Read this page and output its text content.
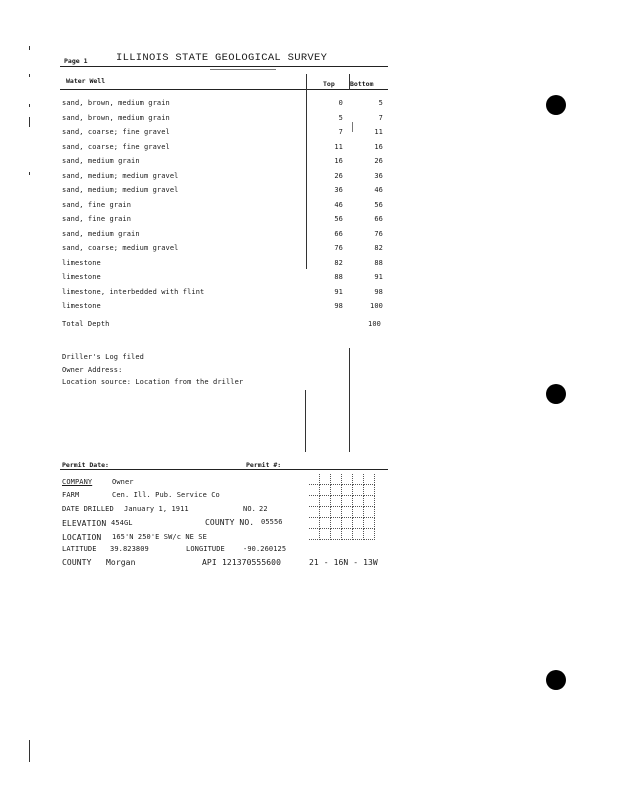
Page 1	ILLINOIS STATE GEOLOGICAL SURVEY
Water Well	Top Bottom
sand, brown, medium grain	0	5
sand, brown, medium grain	5	7
sand, coarse; fine gravel	7	11
sand, coarse; fine gravel	11	16
sand, medium grain	16	26
sand, medium; medium gravel	26	36
sand, medium; medium gravel	36	46
sand, fine grain	46	56
sand, fine grain	56	66
sand, medium grain	66	76
sand, coarse; medium gravel	76	82
limestone	82	88
limestone	88	91
limestone, interbedded with flint	91	98
limestone	98	100
Total Depth	100
Driller's Log filed
Owner Address:
Location source: Location from the driller
Permit Date:	Permit #:
COMPANY	Owner
FARM	Cen. Ill. Pub. Service Co
DATE DRILLED January 1, 1911	NO. 22
ELEVATION 454GL	COUNTY NO. 05556
LOCATION 165'N 250'E SW/c NE SE
LATITUDE 39.823809	LONGITUDE	-90.260125
COUNTY Morgan	API 121370555600	21 - 16N - 13W
